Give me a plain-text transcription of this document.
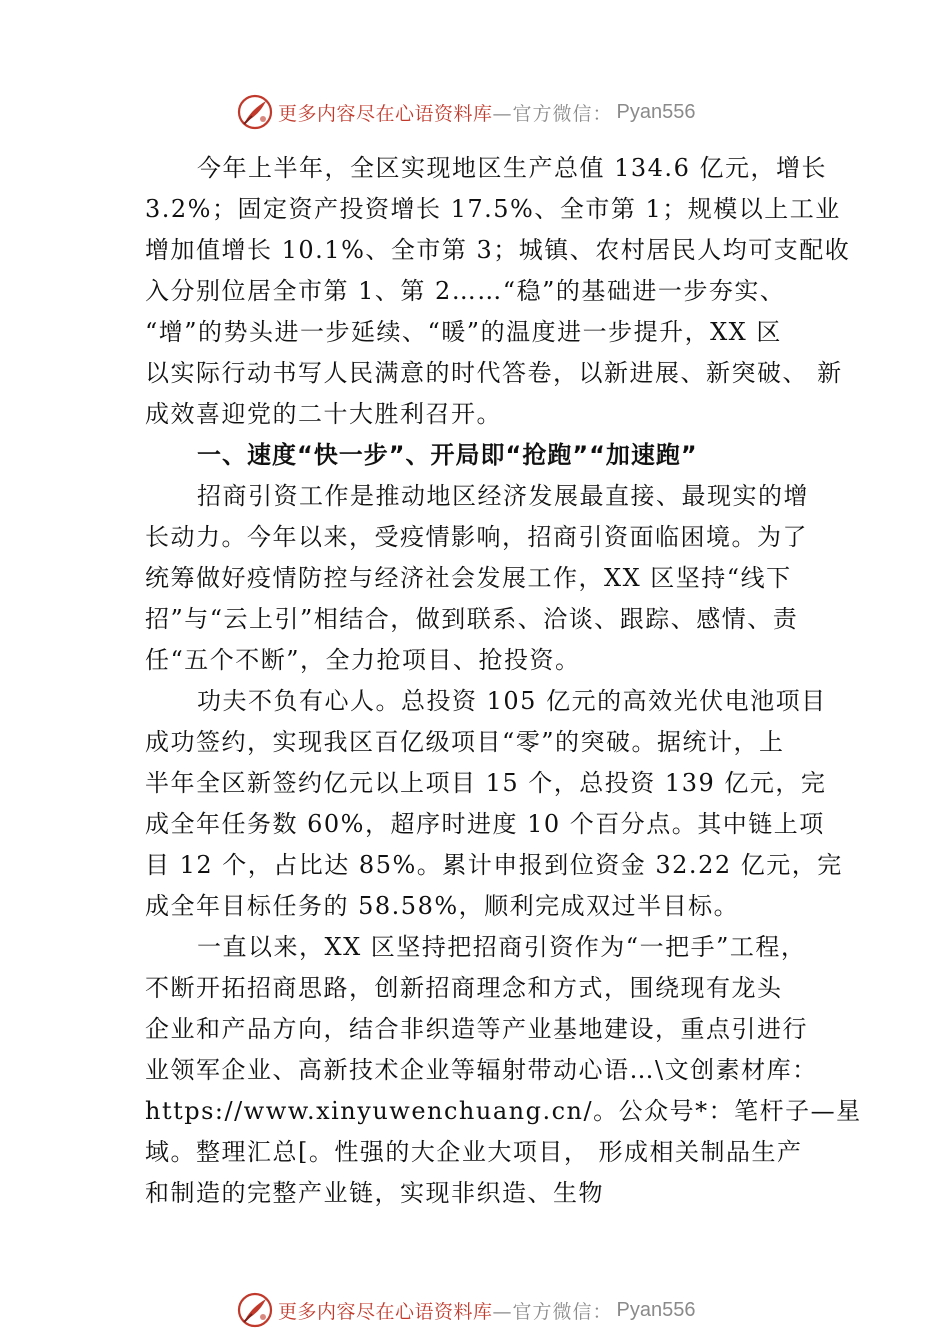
更多内容尽在心语资料库 —官方微信： Pyan556

今年上半年，全区实现地区生产总值 134.6 亿元，增长
3.2%；固定资产投资增长 17.5%、全市第 1；规模以上工业
增加值增长 10.1%、全市第 3；城镇、农村居民人均可支配收
入分别位居全市第 1、第 2……“稳”的基础进一步夯实、
“增”的势头进一步延续、“暖”的温度进一步提升，XX 区
以实际行动书写人民满意的时代答卷，以新进展、新突破、 新
成效喜迎党的二十大胜利召开。

一、速度“快一步”、开局即“抢跑”“加速跑”

招商引资工作是推动地区经济发展最直接、最现实的增
长动力。今年以来，受疫情影响，招商引资面临困境。为了
统筹做好疫情防控与经济社会发展工作，XX 区坚持“线下
招”与“云上引”相结合，做到联系、洽谈、跟踪、感情、责
任“五个不断”，全力抢项目、抢投资。

功夫不负有心人。总投资 105 亿元的高效光伏电池项目
成功签约，实现我区百亿级项目“零”的突破。据统计，上
半年全区新签约亿元以上项目 15 个，总投资 139 亿元，完
成全年任务数 60%，超序时进度 10 个百分点。其中链上项
目 12 个，占比达 85%。累计申报到位资金 32.22 亿元，完
成全年目标任务的 58.58%，顺利完成双过半目标。

一直以来，XX 区坚持把招商引资作为“一把手”工程，
不断开拓招商思路，创新招商理念和方式，围绕现有龙头
企业和产品方向，结合非织造等产业基地建设，重点引进行
业领军企业、高新技术企业等辐射带动心语…\文创素材库：
https://www.xinyuwenchuang.cn/。公众号*：笔杆子—星
域。整理汇总[。性强的大企业大项目， 形成相关制品生产
和制造的完整产业链，实现非织造、生物

更多内容尽在心语资料库 —官方微信： Pyan556
